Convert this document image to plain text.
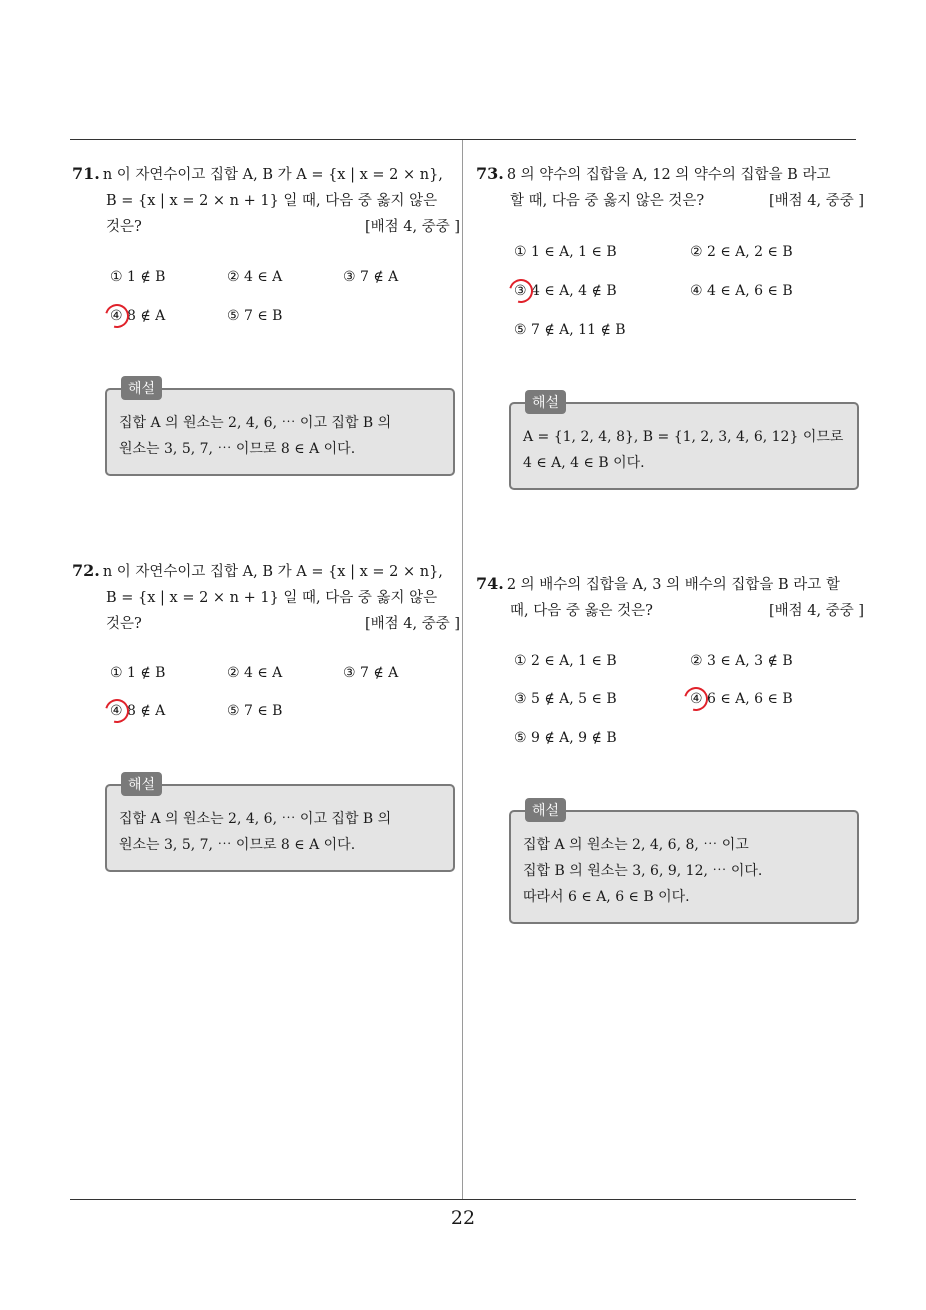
71. n 이 자연수이고 집합 A, B 가 A = {x | x = 2 × n},
B = {x | x = 2 × n + 1} 일 때, 다음 중 옳지 않은
것은?	[배점 4, 중중 ]
① 1 ∉ B	② 4 ∈ A	③ 7 ∉ A
④ 8 ∉ A	⑤ 7 ∈ B
해설
집합 A 의 원소는 2, 4, 6, ⋯ 이고 집합 B 의
원소는 3, 5, 7, ⋯ 이므로 8 ∈ A 이다.
72. n 이 자연수이고 집합 A, B 가 A = {x | x = 2 × n},
B = {x | x = 2 × n + 1} 일 때, 다음 중 옳지 않은
것은?	[배점 4, 중중 ]
① 1 ∉ B	② 4 ∈ A	③ 7 ∉ A
④ 8 ∉ A	⑤ 7 ∈ B
해설
집합 A 의 원소는 2, 4, 6, ⋯ 이고 집합 B 의
원소는 3, 5, 7, ⋯ 이므로 8 ∈ A 이다.
73. 8 의 약수의 집합을 A, 12 의 약수의 집합을 B 라고
할 때, 다음 중 옳지 않은 것은?	[배점 4, 중중 ]
① 1 ∈ A, 1 ∈ B	② 2 ∈ A, 2 ∈ B
③ 4 ∈ A, 4 ∉ B	④ 4 ∈ A, 6 ∈ B
⑤ 7 ∉ A, 11 ∉ B
해설
A = {1, 2, 4, 8}, B = {1, 2, 3, 4, 6, 12} 이므로
4 ∈ A, 4 ∈ B 이다.
74. 2 의 배수의 집합을 A, 3 의 배수의 집합을 B 라고 할
때, 다음 중 옳은 것은?	[배점 4, 중중 ]
① 2 ∈ A, 1 ∈ B	② 3 ∈ A, 3 ∉ B
③ 5 ∉ A, 5 ∈ B	④ 6 ∈ A, 6 ∈ B
⑤ 9 ∉ A, 9 ∉ B
해설
집합 A 의 원소는 2, 4, 6, 8, ⋯ 이고
집합 B 의 원소는 3, 6, 9, 12, ⋯ 이다.
따라서 6 ∈ A, 6 ∈ B 이다.
22
